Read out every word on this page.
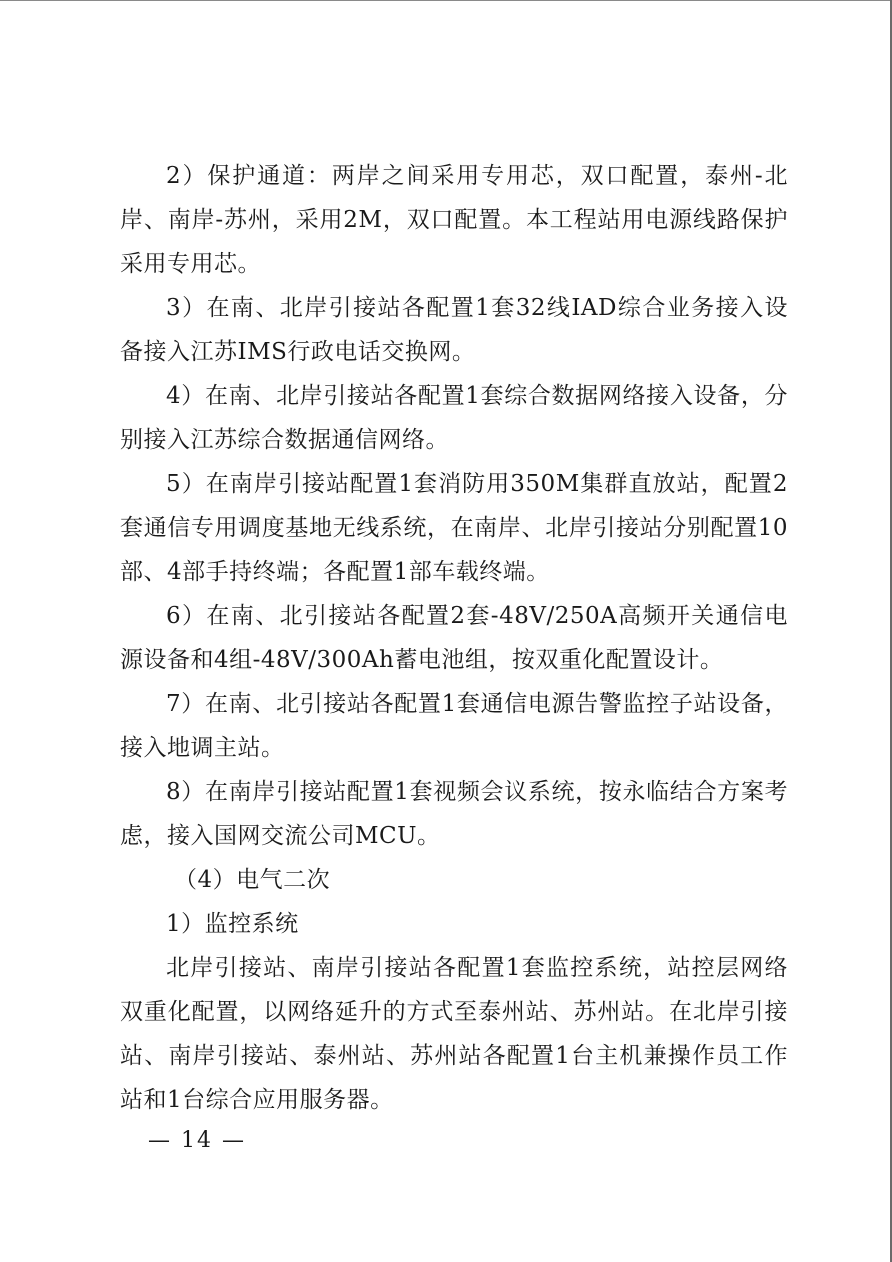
2）保护通道：两岸之间采用专用芯，双口配置，泰州-北岸、南岸-苏州，采用2M，双口配置。本工程站用电源线路保护采用专用芯。

3）在南、北岸引接站各配置1套32线IAD综合业务接入设备接入江苏IMS行政电话交换网。

4）在南、北岸引接站各配置1套综合数据网络接入设备，分别接入江苏综合数据通信网络。

5）在南岸引接站配置1套消防用350M集群直放站，配置2套通信专用调度基地无线系统，在南岸、北岸引接站分别配置10部、4部手持终端；各配置1部车载终端。

6）在南、北引接站各配置2套-48V/250A高频开关通信电源设备和4组-48V/300Ah蓄电池组，按双重化配置设计。

7）在南、北引接站各配置1套通信电源告警监控子站设备，接入地调主站。

8）在南岸引接站配置1套视频会议系统，按永临结合方案考虑，接入国网交流公司MCU。

（4）电气二次

1）监控系统

北岸引接站、南岸引接站各配置1套监控系统，站控层网络双重化配置，以网络延升的方式至泰州站、苏州站。在北岸引接站、南岸引接站、泰州站、苏州站各配置1台主机兼操作员工作站和1台综合应用服务器。

— 14 —
